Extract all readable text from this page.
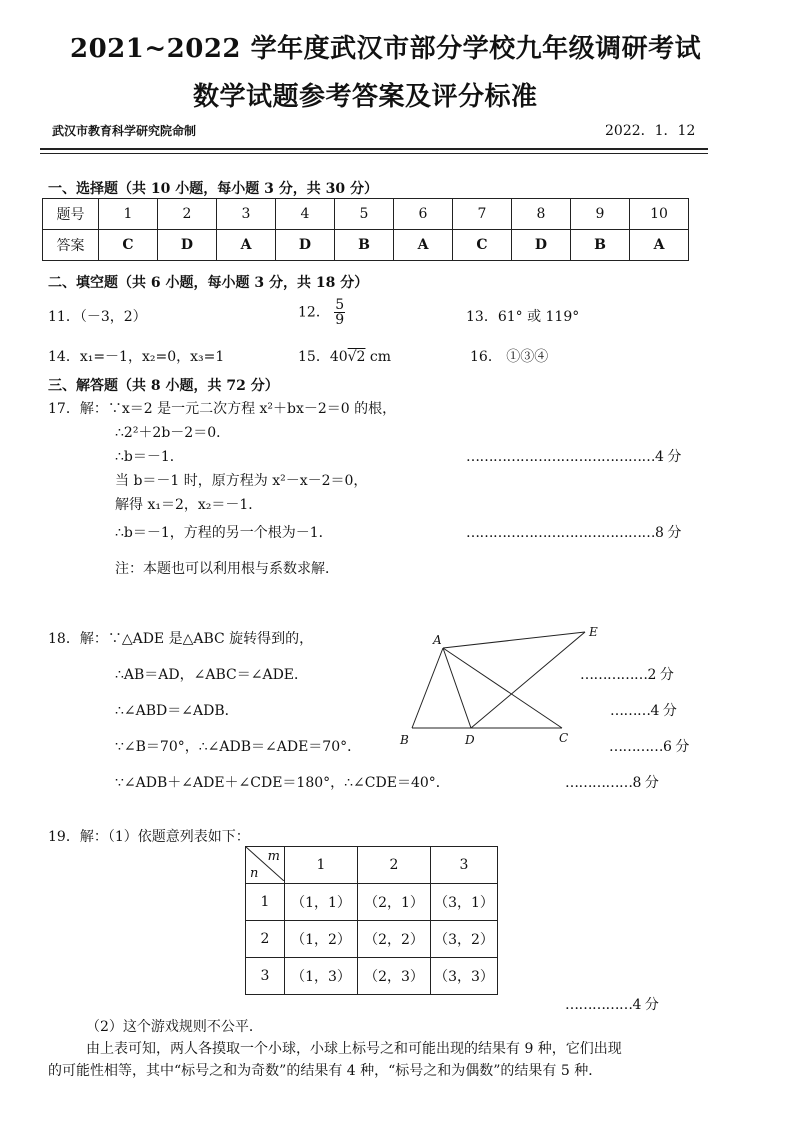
2021~2022 学年度武汉市部分学校九年级调研考试
数学试题参考答案及评分标准
武汉市教育科学研究院命制	2022．1．12
一、选择题（共 10 小题，每小题 3 分，共 30 分）
题号	1	2	3	4	5	6	7	8	9	10
答案	C	D	A	D	B	A	C	D	B	A
二、填空题（共 6 小题，每小题 3 分，共 18 分）
11．（－3，2）	12． $\frac{5}{9}$	13．61° 或 119°
14．x₁=－1，x₂=0，x₃=1	15．40√2 cm	16． ①③④
三、解答题（共 8 小题，共 72 分）
17．解：∵x＝2 是一元二次方程 x²＋bx－2＝0 的根，
∴2²＋2b－2＝0．
∴b＝－1．	……………………………………4 分
当 b＝－1 时，原方程为 x²－x－2＝0，
解得 x₁＝2，x₂＝－1．
∴b＝－1，方程的另一个根为－1．	……………………………………8 分
注：本题也可以利用根与系数求解．
18．解：∵△ADE 是△ABC 旋转得到的，
∴AB＝AD，∠ABC＝∠ADE．	……………2 分
∴∠ABD＝∠ADB．	………4 分
∵∠B＝70°，∴∠ADB＝∠ADE＝70°．	…………6 分
∵∠ADB＋∠ADE＋∠CDE＝180°，∴∠CDE＝40°．	……………8 分
A
B	D	C
E
19．解：（1）依题意列表如下：
m
n	1	2	3
1	（1，1）	（2，1）	（3，1）
2	（1，2）	（2，2）	（3，2）
3	（1，3）	（2，3）	（3，3）
……………4 分
（2）这个游戏规则不公平．
由上表可知，两人各摸取一个小球，小球上标号之和可能出现的结果有 9 种，它们出现
的可能性相等，其中“标号之和为奇数”的结果有 4 种，“标号之和为偶数”的结果有 5 种．
